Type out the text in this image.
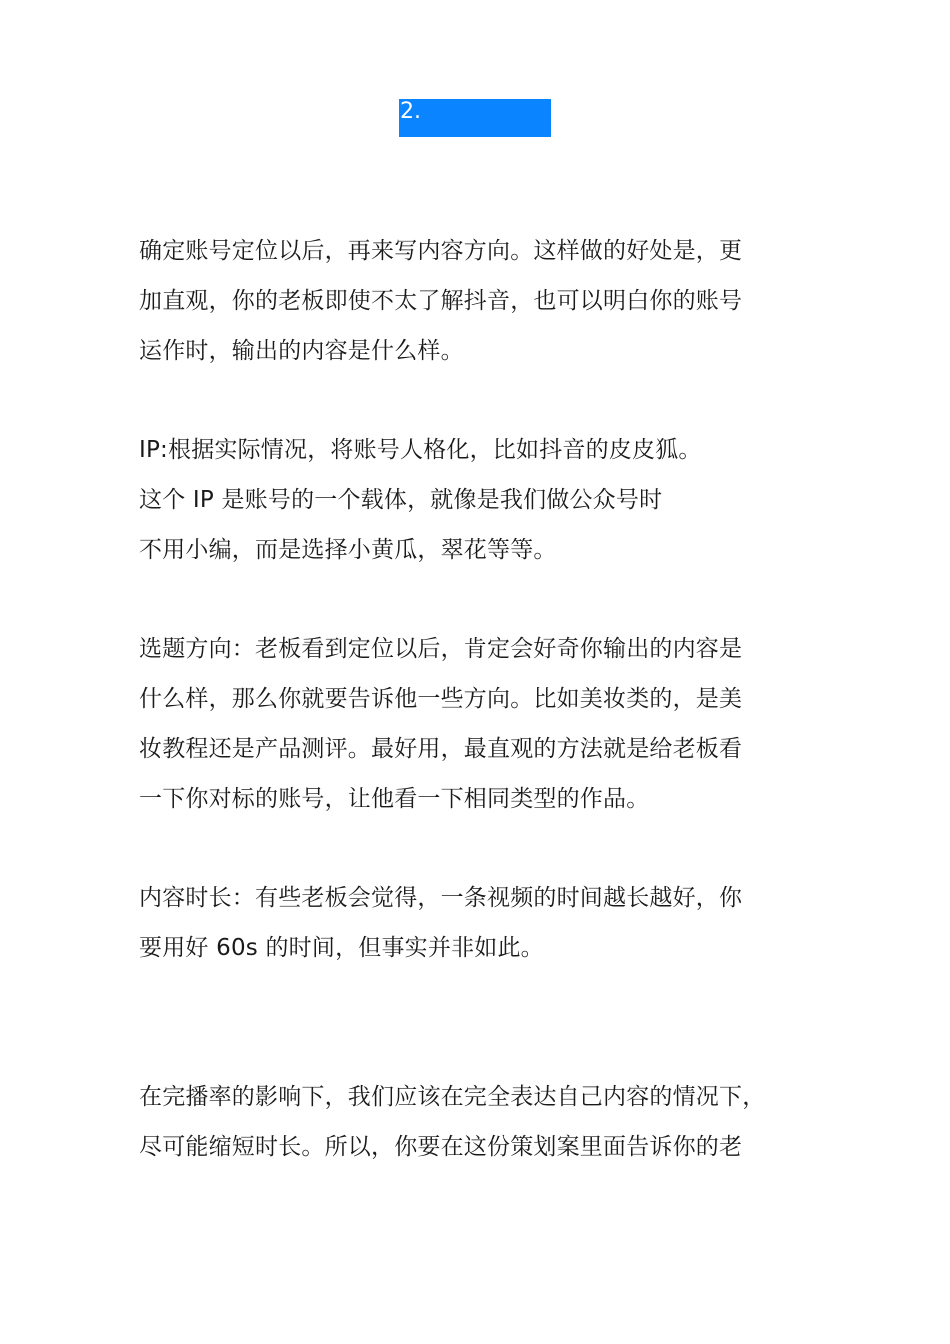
2.
确定账号定位以后，再来写内容方向。这样做的好处是，更
加直观，你的老板即使不太了解抖音，也可以明白你的账号
运作时，输出的内容是什么样。
IP:根据实际情况，将账号人格化，比如抖音的皮皮狐。
这个 IP 是账号的一个载体，就像是我们做公众号时
不用小编，而是选择小黄瓜，翠花等等。
选题方向：老板看到定位以后，肯定会好奇你输出的内容是
什么样，那么你就要告诉他一些方向。比如美妆类的，是美
妆教程还是产品测评。最好用，最直观的方法就是给老板看
一下你对标的账号，让他看一下相同类型的作品。
内容时长：有些老板会觉得，一条视频的时间越长越好，你
要用好 60s 的时间，但事实并非如此。
在完播率的影响下，我们应该在完全表达自己内容的情况下，
尽可能缩短时长。所以，你要在这份策划案里面告诉你的老
